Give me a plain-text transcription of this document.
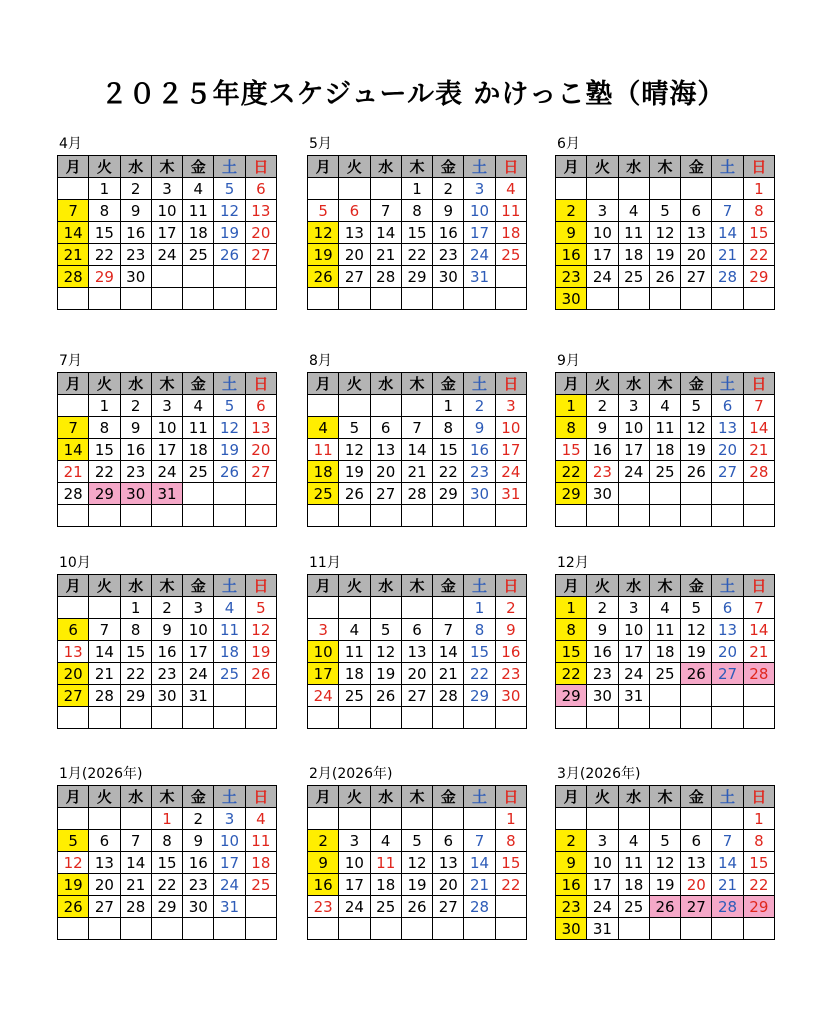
２０２５年度スケジュール表 かけっこ塾（晴海）
4月
月	火	水	木	金	土	日
	1	2	3	4	5	6
7	8	9	10	11	12	13
14	15	16	17	18	19	20
21	22	23	24	25	26	27
28	29	30				

5月
月	火	水	木	金	土	日
			1	2	3	4
5	6	7	8	9	10	11
12	13	14	15	16	17	18
19	20	21	22	23	24	25
26	27	28	29	30	31	

6月
月	火	水	木	金	土	日
						1
2	3	4	5	6	7	8
9	10	11	12	13	14	15
16	17	18	19	20	21	22
23	24	25	26	27	28	29
30						
7月
月	火	水	木	金	土	日
	1	2	3	4	5	6
7	8	9	10	11	12	13
14	15	16	17	18	19	20
21	22	23	24	25	26	27
28	29	30	31			

8月
月	火	水	木	金	土	日
				1	2	3
4	5	6	7	8	9	10
11	12	13	14	15	16	17
18	19	20	21	22	23	24
25	26	27	28	29	30	31

9月
月	火	水	木	金	土	日
1	2	3	4	5	6	7
8	9	10	11	12	13	14
15	16	17	18	19	20	21
22	23	24	25	26	27	28
29	30					

10月
月	火	水	木	金	土	日
		1	2	3	4	5
6	7	8	9	10	11	12
13	14	15	16	17	18	19
20	21	22	23	24	25	26
27	28	29	30	31		

11月
月	火	水	木	金	土	日
					1	2
3	4	5	6	7	8	9
10	11	12	13	14	15	16
17	18	19	20	21	22	23
24	25	26	27	28	29	30

12月
月	火	水	木	金	土	日
1	2	3	4	5	6	7
8	9	10	11	12	13	14
15	16	17	18	19	20	21
22	23	24	25	26	27	28
29	30	31				

1月(2026年)
月	火	水	木	金	土	日
			1	2	3	4
5	6	7	8	9	10	11
12	13	14	15	16	17	18
19	20	21	22	23	24	25
26	27	28	29	30	31	

2月(2026年)
月	火	水	木	金	土	日
						1
2	3	4	5	6	7	8
9	10	11	12	13	14	15
16	17	18	19	20	21	22
23	24	25	26	27	28	

3月(2026年)
月	火	水	木	金	土	日
						1
2	3	4	5	6	7	8
9	10	11	12	13	14	15
16	17	18	19	20	21	22
23	24	25	26	27	28	29
30	31					
